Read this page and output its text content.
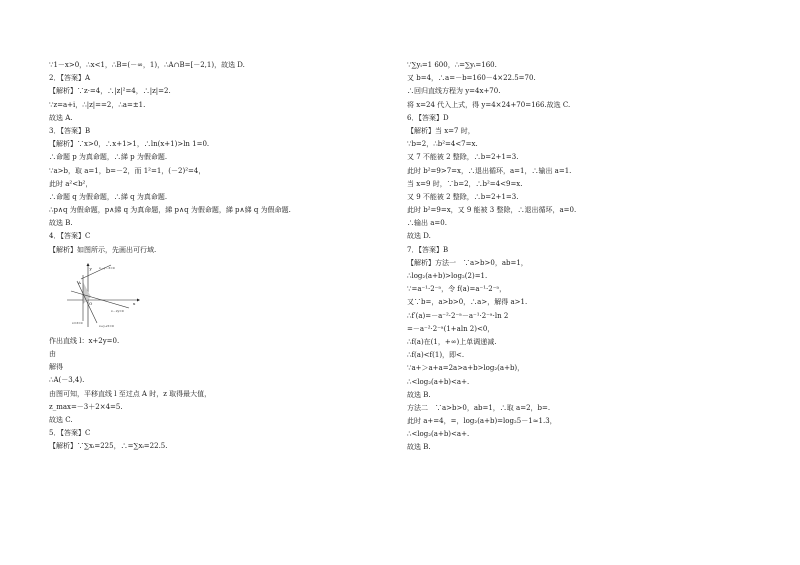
∵1－x>0，∴x<1，∴B=(－∞，1)，∴A∩B=[－2,1)，故选 D.
2．【答案】A
【解析】∵z·=4，∴|z|²=4，∴|z|=2.
∵z=a+i，∴|z|==2，∴a=±1.
故选 A.
3．【答案】B
【解析】∵x>0，∴x+1>1，∴ln(x+1)>ln 1=0.
∴命题 p 为真命题，∴綈 p 为假命题.
∵a>b，取 a=1，b=－2，而 1²=1，(－2)²=4，
此时 a²<b²，
∴命题 q 为假命题，∴綈 q 为真命题.
∴p∧q 为假命题，p∧綈 q 为真命题，綈 p∧q 为假命题，綈 p∧綈 q 为假命题.
故选 B.
4．【答案】C
【解析】如图所示，先画出可行域.
y
x
O
A
x－y－3=0
x－2y=0
x=3=0
x+y+5=0
作出直线 l：x+2y=0.
由
解得
∴A(－3,4).
由图可知，平移直线 l 至过点 A 时，z 取得最大值，
z_max=－3＋2×4=5.
故选 C.
5．【答案】C
【解析】∵∑xᵢ=225，∴=∑xᵢ=22.5.
∵∑yᵢ=1 600，∴=∑yᵢ=160.
又 b=4，∴a=－b=160－4×22.5=70.
∴回归直线方程为 y=4x+70.
将 x=24 代入上式，得 y=4×24+70=166.故选 C.
6．【答案】D
【解析】当 x=7 时，
∵b=2，∴b²=4<7=x.
又 7 不能被 2 整除，∴b=2+1=3.
此时 b²=9>7=x，∴退出循环，a=1，∴输出 a=1.
当 x=9 时，∵b=2，∴b²=4<9=x.
又 9 不能被 2 整除，∴b=2+1=3.
此时 b²=9=x，又 9 能被 3 整除，∴退出循环，a=0.
∴输出 a=0.
故选 D.
7．【答案】B
【解析】方法一　∵a>b>0，ab=1，
∴log₂(a+b)>log₂(2)=1.
∵=a⁻¹·2⁻ᵃ，令 f(a)=a⁻¹·2⁻ᵃ，
又∵b=，a>b>0，∴a>，解得 a>1.
∴f′(a)=－a⁻²·2⁻ᵃ－a⁻¹·2⁻ᵃ·ln 2
=－a⁻²·2⁻ᵃ(1+aln 2)<0，
∴f(a)在(1，+∞)上单调递减.
∴f(a)<f(1)，即<.
∵a+＞a+a=2a>a+b>log₂(a+b)，
∴<log₂(a+b)<a+.
故选 B.
方法二　∵a>b>0，ab=1，∴取 a=2，b=.
此时 a+=4，=，log₂(a+b)=log₂5－1≈1.3，
∴<log₂(a+b)<a+.
故选 B.
